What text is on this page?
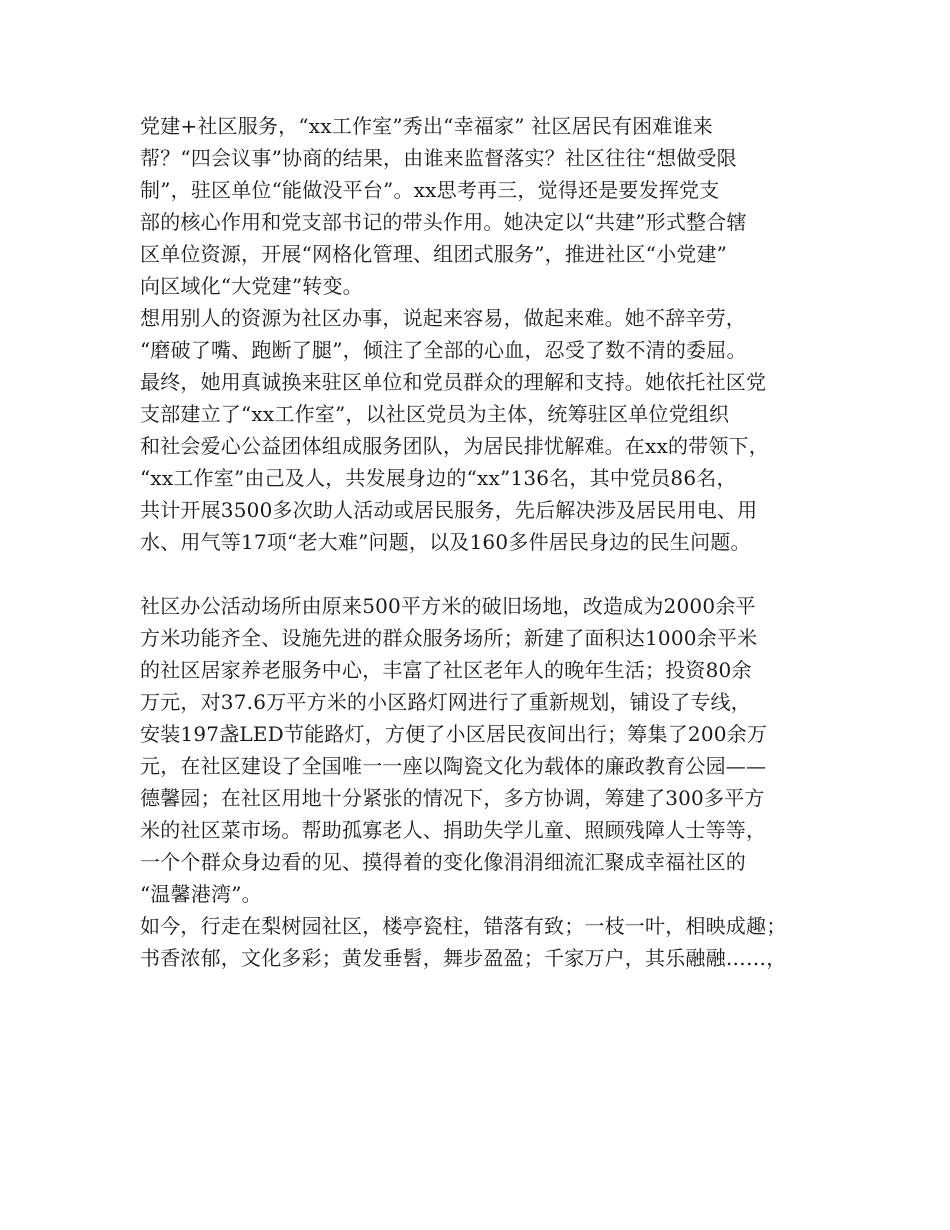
党建+社区服务，“xx工作室”秀出“幸福家” 社区居民有困难谁来
帮？“四会议事”协商的结果，由谁来监督落实？社区往往“想做受限
制”，驻区单位“能做没平台”。xx思考再三，觉得还是要发挥党支
部的核心作用和党支部书记的带头作用。她决定以“共建”形式整合辖
区单位资源，开展“网格化管理、组团式服务”，推进社区“小党建”
向区域化“大党建”转变。
想用别人的资源为社区办事，说起来容易，做起来难。她不辞辛劳，
“磨破了嘴、跑断了腿”，倾注了全部的心血，忍受了数不清的委屈。
最终，她用真诚换来驻区单位和党员群众的理解和支持。她依托社区党
支部建立了“xx工作室”，以社区党员为主体，统筹驻区单位党组织
和社会爱心公益团体组成服务团队，为居民排忧解难。在xx的带领下，
“xx工作室”由己及人，共发展身边的“xx”136名，其中党员86名，
共计开展3500多次助人活动或居民服务，先后解决涉及居民用电、用
水、用气等17项“老大难”问题，以及160多件居民身边的民生问题。
社区办公活动场所由原来500平方米的破旧场地，改造成为2000余平
方米功能齐全、设施先进的群众服务场所；新建了面积达1000余平米
的社区居家养老服务中心，丰富了社区老年人的晚年生活；投资80余
万元，对37.6万平方米的小区路灯网进行了重新规划，铺设了专线，
安装197盏LED节能路灯，方便了小区居民夜间出行；筹集了200余万
元，在社区建设了全国唯一一座以陶瓷文化为载体的廉政教育公园——
德馨园；在社区用地十分紧张的情况下，多方协调，筹建了300多平方
米的社区菜市场。帮助孤寡老人、捐助失学儿童、照顾残障人士等等，
一个个群众身边看的见、摸得着的变化像涓涓细流汇聚成幸福社区的
“温馨港湾”。
如今，行走在梨树园社区，楼亭瓷柱，错落有致；一枝一叶，相映成趣；
书香浓郁，文化多彩；黄发垂髫，舞步盈盈；千家万户，其乐融融……，
